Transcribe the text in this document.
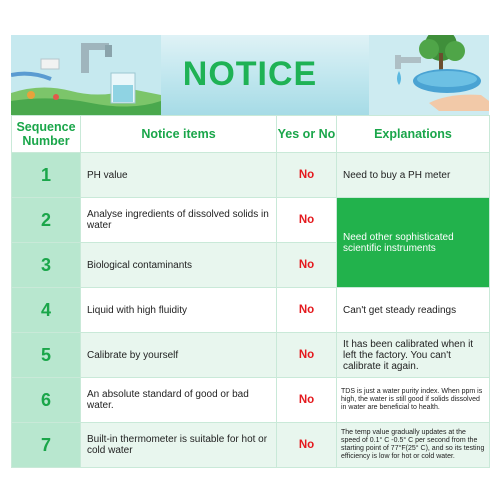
NOTICE
Sequence
Number	Notice items	Yes or No	Explanations
1	PH value	No	Need to buy a PH meter
2	Analyse ingredients of dissolved solids in water	No	Need other sophisticated scientific instruments
3	Biological contaminants	No	
4	Liquid with high fluidity	No	Can't get steady readings
5	Calibrate by yourself	No	It has been calibrated when it left the factory. You can't calibrate it again.
6	An absolute standard of good or bad water.	No	TDS is just a water purity index. When ppm is high, the water is still good if solids dissolved in water are beneficial to health.
7	Built-in thermometer is suitable for hot or cold water	No	The temp value gradually updates at the speed of 0.1° C -0.5° C per second from the starting point of 77°F(25° C), and so its testing efficiency is low for hot or cold water.
